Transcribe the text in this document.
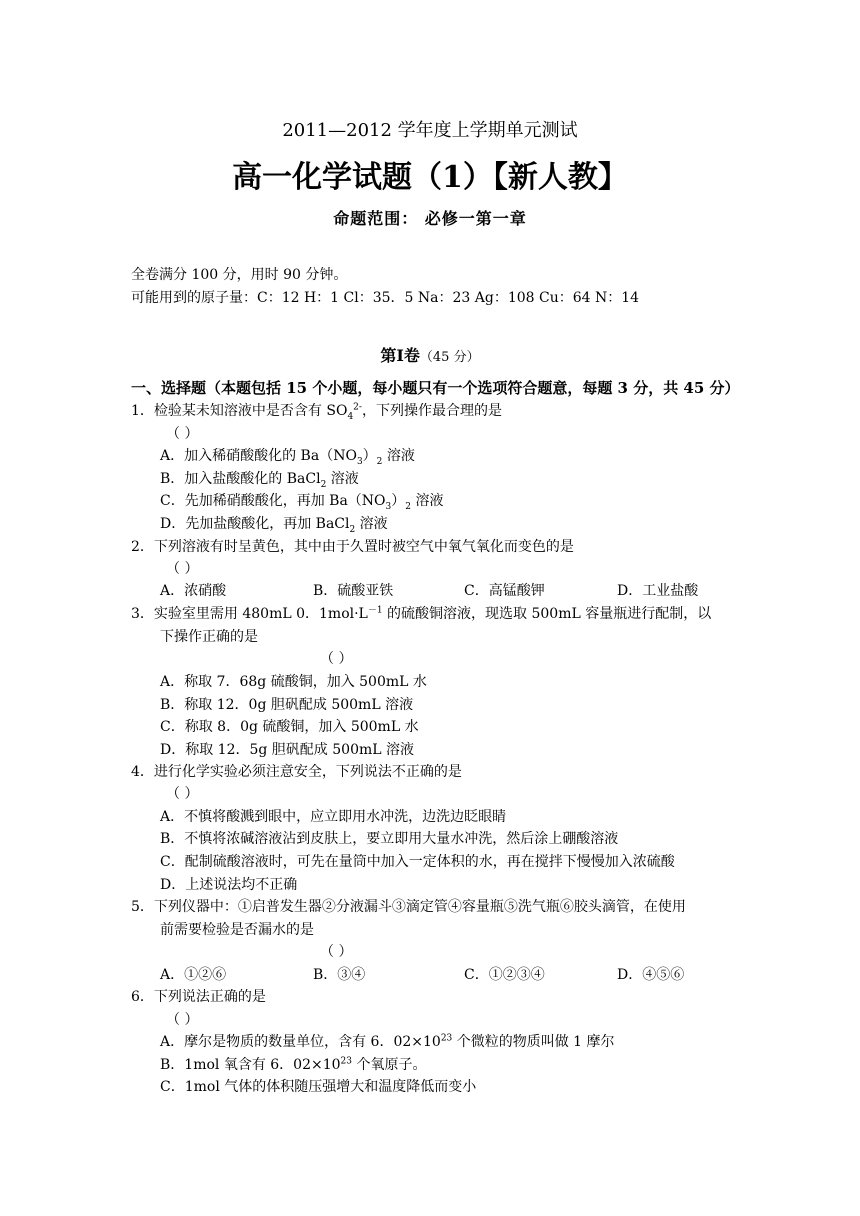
2011—2012 学年度上学期单元测试
高一化学试题（1）【新人教】
命题范围： 必修一第一章
全卷满分 100 分，用时 90 分钟。
可能用到的原子量：C：12 H：1 Cl：35．5 Na：23 Ag：108 Cu：64 N：14
第Ⅰ卷（45 分）
一、选择题（本题包括 15 个小题，每小题只有一个选项符合题意，每题 3 分，共 45 分）
1．检验某未知溶液中是否含有 $SO_4^{2-}$，下列操作最合理的是
（ ）
A．加入稀硝酸酸化的 $Ba(NO_3)_2$ 溶液
B．加入盐酸酸化的 BaCl$_2$ 溶液
C．先加稀硝酸酸化，再加 $Ba(NO_3)_2$ 溶液
D．先加盐酸酸化，再加 BaCl$_2$ 溶液
2．下列溶液有时呈黄色，其中由于久置时被空气中氧气氧化而变色的是
（ ）
A．浓硝酸	B．硫酸亚铁	C．高锰酸钾	D．工业盐酸
3．实验室里需用 480mL 0．$1mol\cdot L^{-1}$ 的硫酸铜溶液，现选取 500mL 容量瓶进行配制，以
下操作正确的是
（ ）
A．称取 7．68g 硫酸铜，加入 500mL 水
B．称取 12．0g 胆矾配成 500mL 溶液
C．称取 8．0g 硫酸铜，加入 500mL 水
D．称取 12．5g 胆矾配成 500mL 溶液
4．进行化学实验必须注意安全，下列说法不正确的是
（ ）
A．不慎将酸溅到眼中，应立即用水冲洗，边洗边眨眼睛
B．不慎将浓碱溶液沾到皮肤上，要立即用大量水冲洗，然后涂上硼酸溶液
C．配制硫酸溶液时，可先在量筒中加入一定体积的水，再在搅拌下慢慢加入浓硫酸
D．上述说法均不正确
5．下列仪器中：①启普发生器②分液漏斗③滴定管④容量瓶⑤洗气瓶⑥胶头滴管，在使用
前需要检验是否漏水的是
（ ）
A．①②⑥	B．③④	C．①②③④	D．④⑤⑥
6．下列说法正确的是
（ ）
A．摩尔是物质的数量单位，含有 6．$02\times 10^{23}$ 个微粒的物质叫做 1 摩尔
B．1mol 氧含有 6．$02\times 10^{23}$ 个氧原子。
C．1mol 气体的体积随压强增大和温度降低而变小
